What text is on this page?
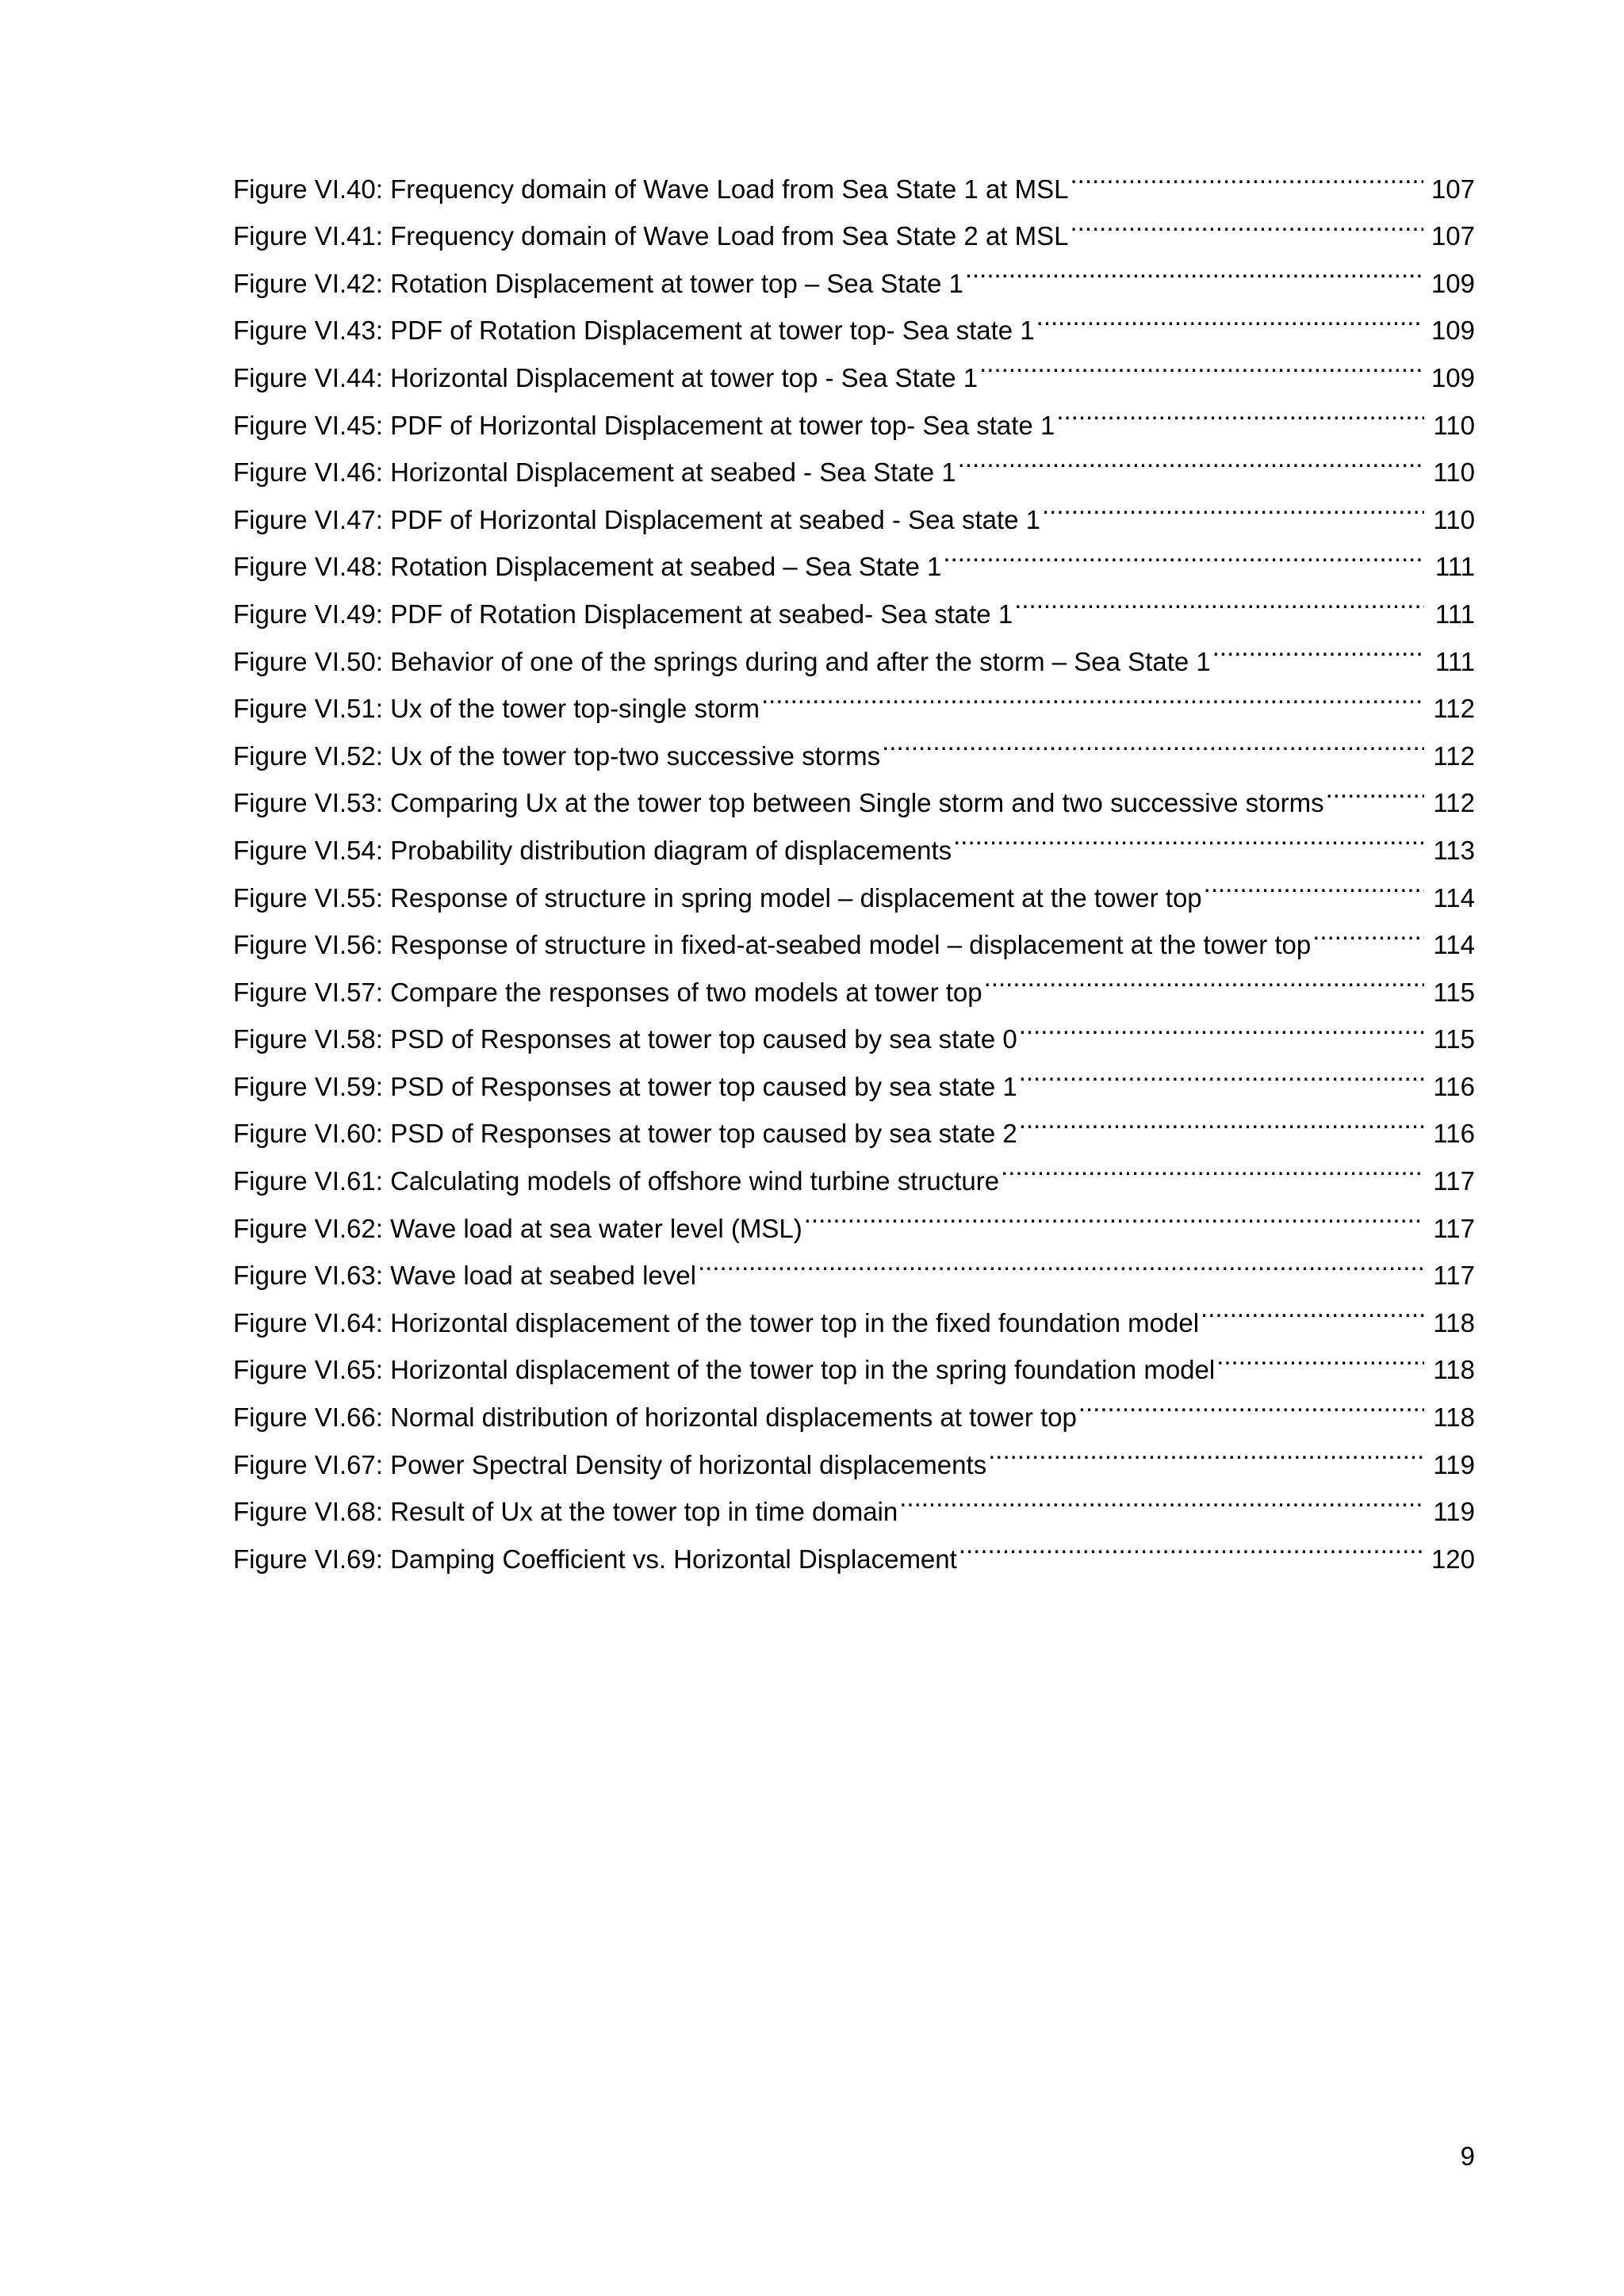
Figure VI.40: Frequency domain of Wave Load from Sea State 1 at MSL .....	107
Figure VI.41: Frequency domain of Wave Load from Sea State 2 at MSL .....	107
Figure VI.42: Rotation Displacement at tower top – Sea State 1 .....	109
Figure VI.43: PDF of Rotation Displacement at tower top- Sea state 1 .....	109
Figure VI.44: Horizontal Displacement at tower top - Sea State 1 .....	109
Figure VI.45: PDF of Horizontal Displacement at tower top- Sea state 1 .....	110
Figure VI.46: Horizontal Displacement at seabed - Sea State 1 .....	110
Figure VI.47: PDF of Horizontal Displacement at seabed - Sea state 1 .....	110
Figure VI.48: Rotation Displacement at seabed – Sea State 1 .....	111
Figure VI.49: PDF of Rotation Displacement at seabed- Sea state 1 .....	111
Figure VI.50: Behavior of one of the springs during and after the storm – Sea State 1 .....	111
Figure VI.51: Ux of the tower top-single storm .....	112
Figure VI.52: Ux of the tower top-two successive storms .....	112
Figure VI.53: Comparing Ux at the tower top between Single storm and two successive storms .....	112
Figure VI.54: Probability distribution diagram of displacements .....	113
Figure VI.55: Response of structure in spring model – displacement at the tower top .....	114
Figure VI.56: Response of structure in fixed-at-seabed model – displacement at the tower top .....	114
Figure VI.57: Compare the responses of two models at tower top .....	115
Figure VI.58: PSD of Responses at tower top caused by sea state 0 .....	115
Figure VI.59: PSD of Responses at tower top caused by sea state 1 .....	116
Figure VI.60: PSD of Responses at tower top caused by sea state 2 .....	116
Figure VI.61: Calculating models of offshore wind turbine structure .....	117
Figure VI.62: Wave load at sea water level (MSL) .....	117
Figure VI.63: Wave load at seabed level .....	117
Figure VI.64: Horizontal displacement of the tower top in the fixed foundation model .....	118
Figure VI.65: Horizontal displacement of the tower top in the spring foundation model .....	118
Figure VI.66: Normal distribution of horizontal displacements at tower top .....	118
Figure VI.67: Power Spectral Density of horizontal displacements .....	119
Figure VI.68: Result of Ux at the tower top in time domain .....	119
Figure VI.69: Damping Coefficient vs. Horizontal Displacement .....	120
9
